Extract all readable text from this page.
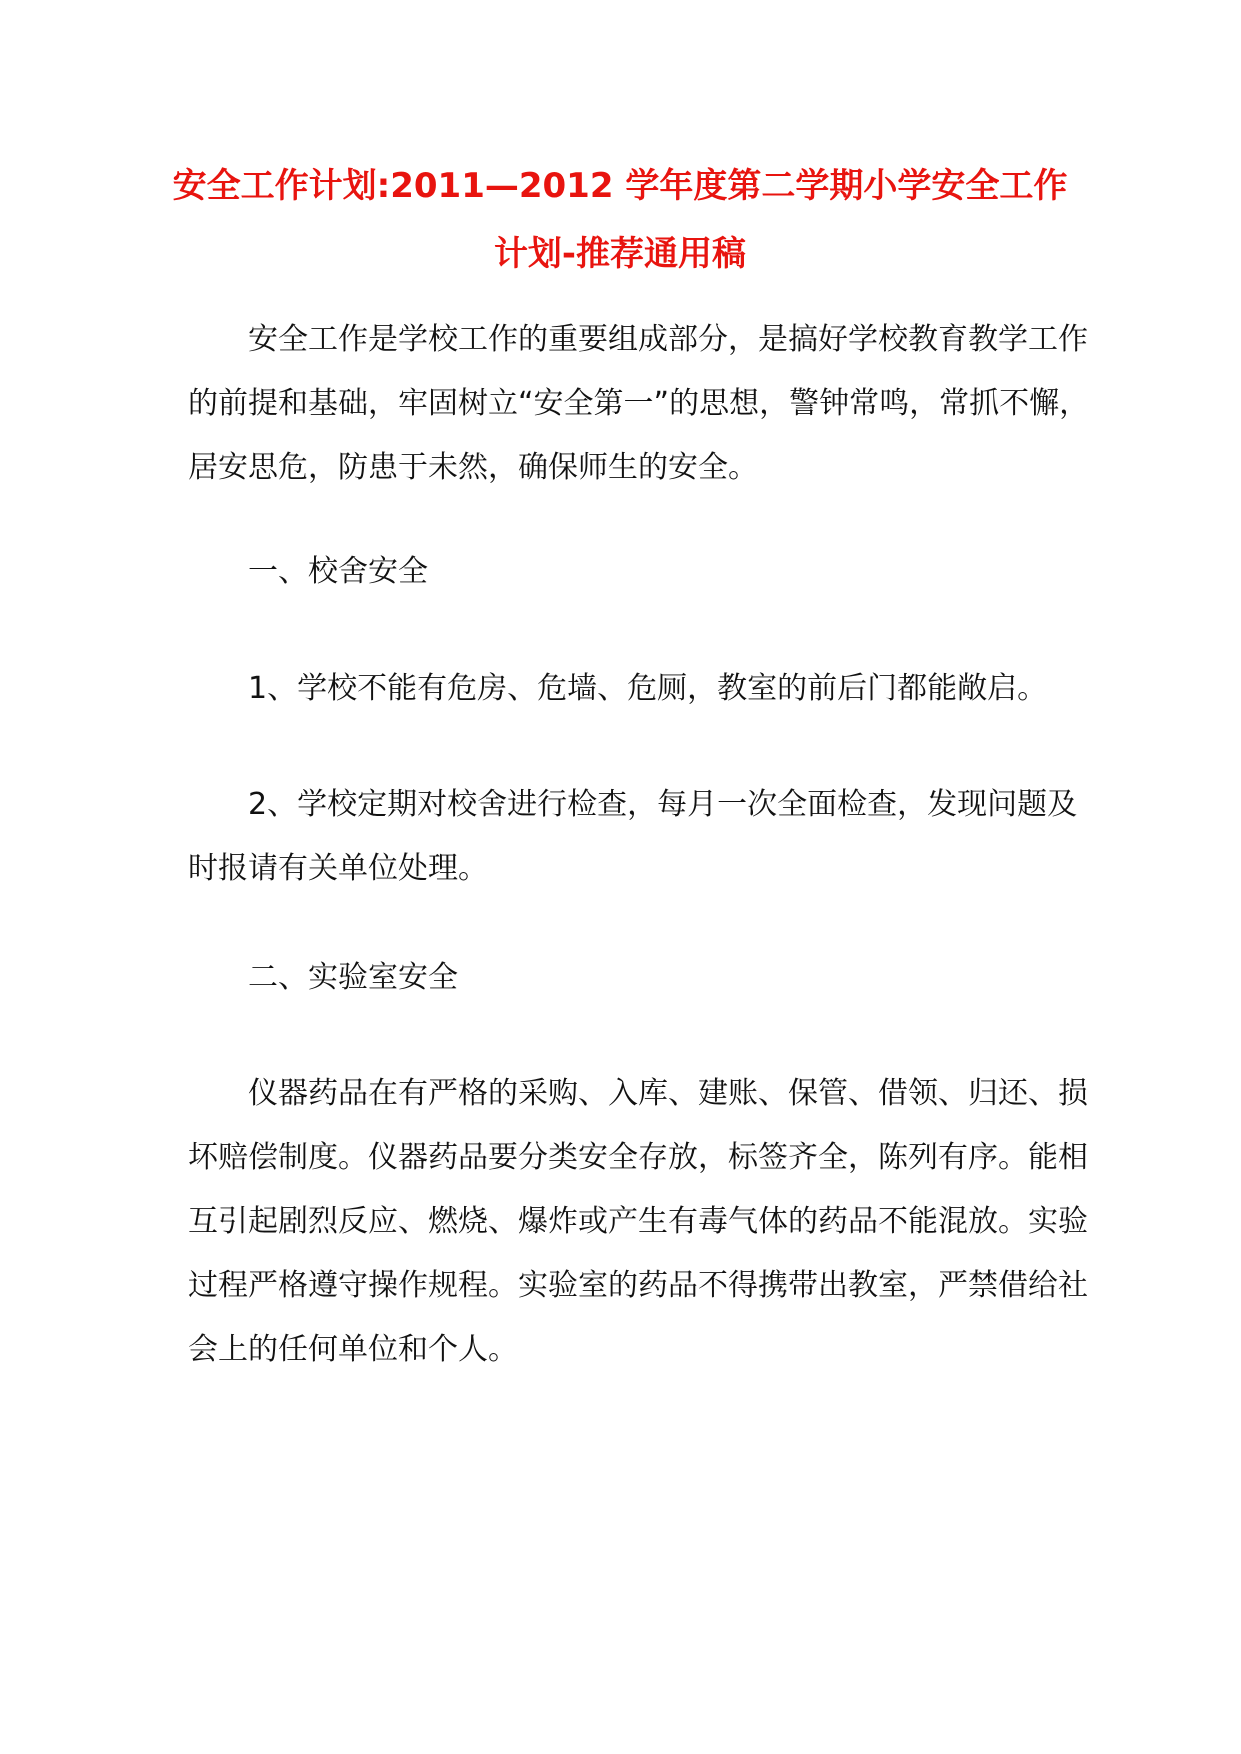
安全工作计划:2011—2012 学年度第二学期小学安全工作
计划-推荐通用稿

安全工作是学校工作的重要组成部分，是搞好学校教育教学工作
的前提和基础，牢固树立“安全第一”的思想，警钟常鸣，常抓不懈，
居安思危，防患于未然，确保师生的安全。

一、校舍安全

1、学校不能有危房、危墙、危厕，教室的前后门都能敞启。

2、学校定期对校舍进行检查，每月一次全面检查，发现问题及
时报请有关单位处理。

二、实验室安全

仪器药品在有严格的采购、入库、建账、保管、借领、归还、损
坏赔偿制度。仪器药品要分类安全存放，标签齐全，陈列有序。能相
互引起剧烈反应、燃烧、爆炸或产生有毒气体的药品不能混放。实验
过程严格遵守操作规程。实验室的药品不得携带出教室，严禁借给社
会上的任何单位和个人。
